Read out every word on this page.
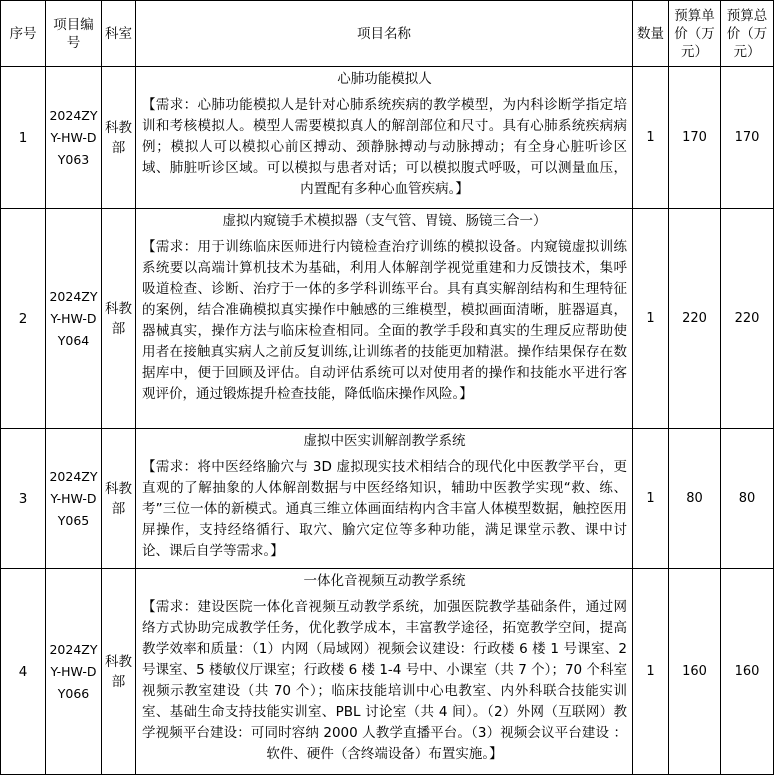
序号	项目编号	科室	项目名称	数量	预算单价（万元）	预算总价（万元）
1	2024ZYY-HW-DY063	科教部	心肺功能模拟人
【需求：心肺功能模拟人是针对心肺系统疾病的教学模型，为内科诊断学指定培训和考核模拟人。模型人需要模拟真人的解剖部位和尺寸。具有心肺系统疾病病例；模拟人可以模拟心前区搏动、颈静脉搏动与动脉搏动；有全身心脏听诊区域、肺脏听诊区域。可以模拟与患者对话；可以模拟腹式呼吸，可以测量血压，内置配有多种心血管疾病。】	1	170	170
2	2024ZYY-HW-DY064	科教部	虚拟内窥镜手术模拟器（支气管、胃镜、肠镜三合一）
【需求：用于训练临床医师进行内镜检查治疗训练的模拟设备。内窥镜虚拟训练系统要以高端计算机技术为基础，利用人体解剖学视觉重建和力反馈技术，集呼吸道检查、诊断、治疗于一体的多学科训练平台。具有真实解剖结构和生理特征的案例，结合准确模拟真实操作中触感的三维模型，模拟画面清晰，脏器逼真，器械真实，操作方法与临床检查相同。全面的教学手段和真实的生理反应帮助使用者在接触真实病人之前反复训练,让训练者的技能更加精湛。操作结果保存在数据库中，便于回顾及评估。自动评估系统可以对使用者的操作和技能水平进行客观评价，通过锻炼提升检查技能，降低临床操作风险。】	1	220	220
3	2024ZYY-HW-DY065	科教部	虚拟中医实训解剖教学系统
【需求：将中医经络腧穴与 3D 虚拟现实技术相结合的现代化中医教学平台，更直观的了解抽象的人体解剖数据与中医经络知识，辅助中医教学实现“救、练、考”三位一体的新模式。通真三维立体画面结构内含丰富人体模型数据，触控医用屏操作，支持经络循行、取穴、腧穴定位等多种功能，满足课堂示教、课中讨论、课后自学等需求。】	1	80	80
4	2024ZYY-HW-DY066	科教部	一体化音视频互动教学系统
【需求：建设医院一体化音视频互动教学系统，加强医院教学基础条件，通过网络方式协助完成教学任务，优化教学成本，丰富教学途径，拓宽教学空间，提高教学效率和质量：（1）内网（局域网）视频会议建设：行政楼 6 楼 1 号课室、2 号课室、5 楼敏仪厅课室；行政楼 6 楼 1-4 号中、小课室（共 7 个）；70 个科室视频示教室建设（共 70 个）；临床技能培训中心电教室、内外科联合技能实训室、基础生命支持技能实训室、PBL 讨论室（共 4 间）。（2）外网（互联网）教学视频平台建设：可同时容纳 2000 人教学直播平台。（3）视频会议平台建设 ：软件、硬件（含终端设备）布置实施。】	1	160	160
